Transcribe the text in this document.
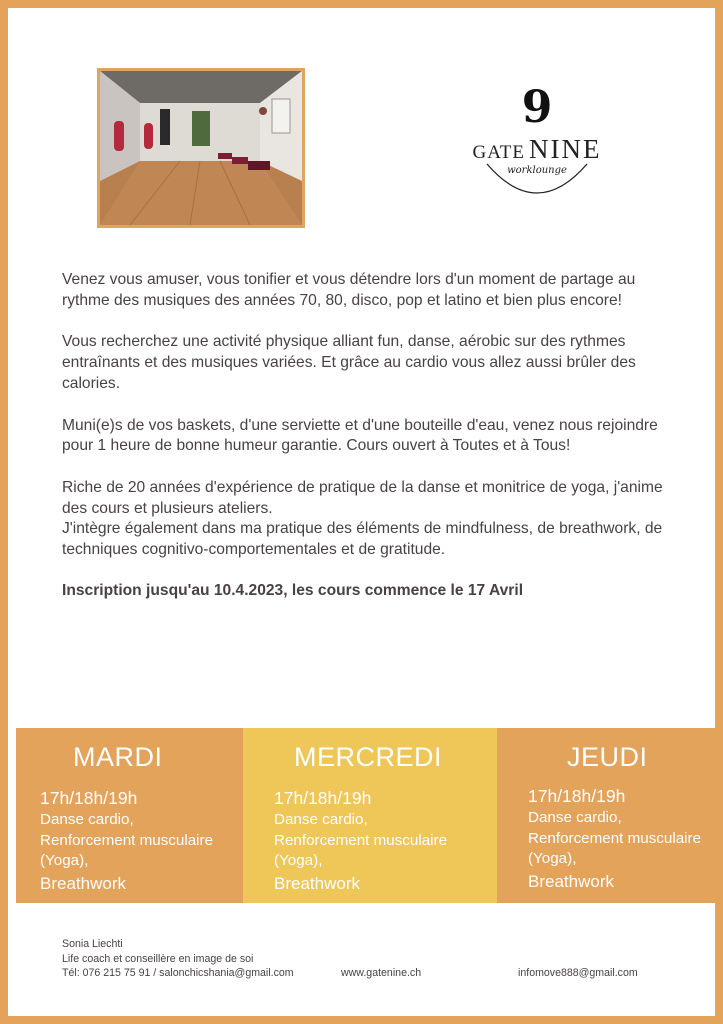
9
GATE NINE
worklounge

Venez vous amuser, vous tonifier et vous détendre lors d'un moment de partage au rythme des musiques des années 70, 80, disco, pop et latino et bien plus encore!

Vous recherchez une activité physique alliant fun, danse, aérobic sur des rythmes entraînants et des musiques variées. Et grâce au cardio vous allez aussi brûler des calories.

Muni(e)s de vos baskets, d'une serviette et d'une bouteille d'eau, venez nous rejoindre pour 1 heure de bonne humeur garantie. Cours ouvert à Toutes et à Tous!

Riche de 20 années d'expérience de pratique de la danse et monitrice de yoga, j'anime des cours et plusieurs ateliers.
J'intègre également dans ma pratique des éléments de mindfulness, de breathwork, de techniques cognitivo-comportementales et de gratitude.

Inscription jusqu'au 10.4.2023, les cours commence le 17 Avril

MARDI
17h/18h/19h
Danse cardio,
Renforcement musculaire
(Yoga),
Breathwork
MERCREDI
17h/18h/19h
Danse cardio,
Renforcement musculaire
(Yoga),
Breathwork
JEUDI
17h/18h/19h
Danse cardio,
Renforcement musculaire
(Yoga),
Breathwork
Sonia Liechti
Life coach et conseillère en image de soi
Tél: 076 215 75 91 / salonchicshania@gmail.com	www.gatenine.ch	infomove888@gmail.com
